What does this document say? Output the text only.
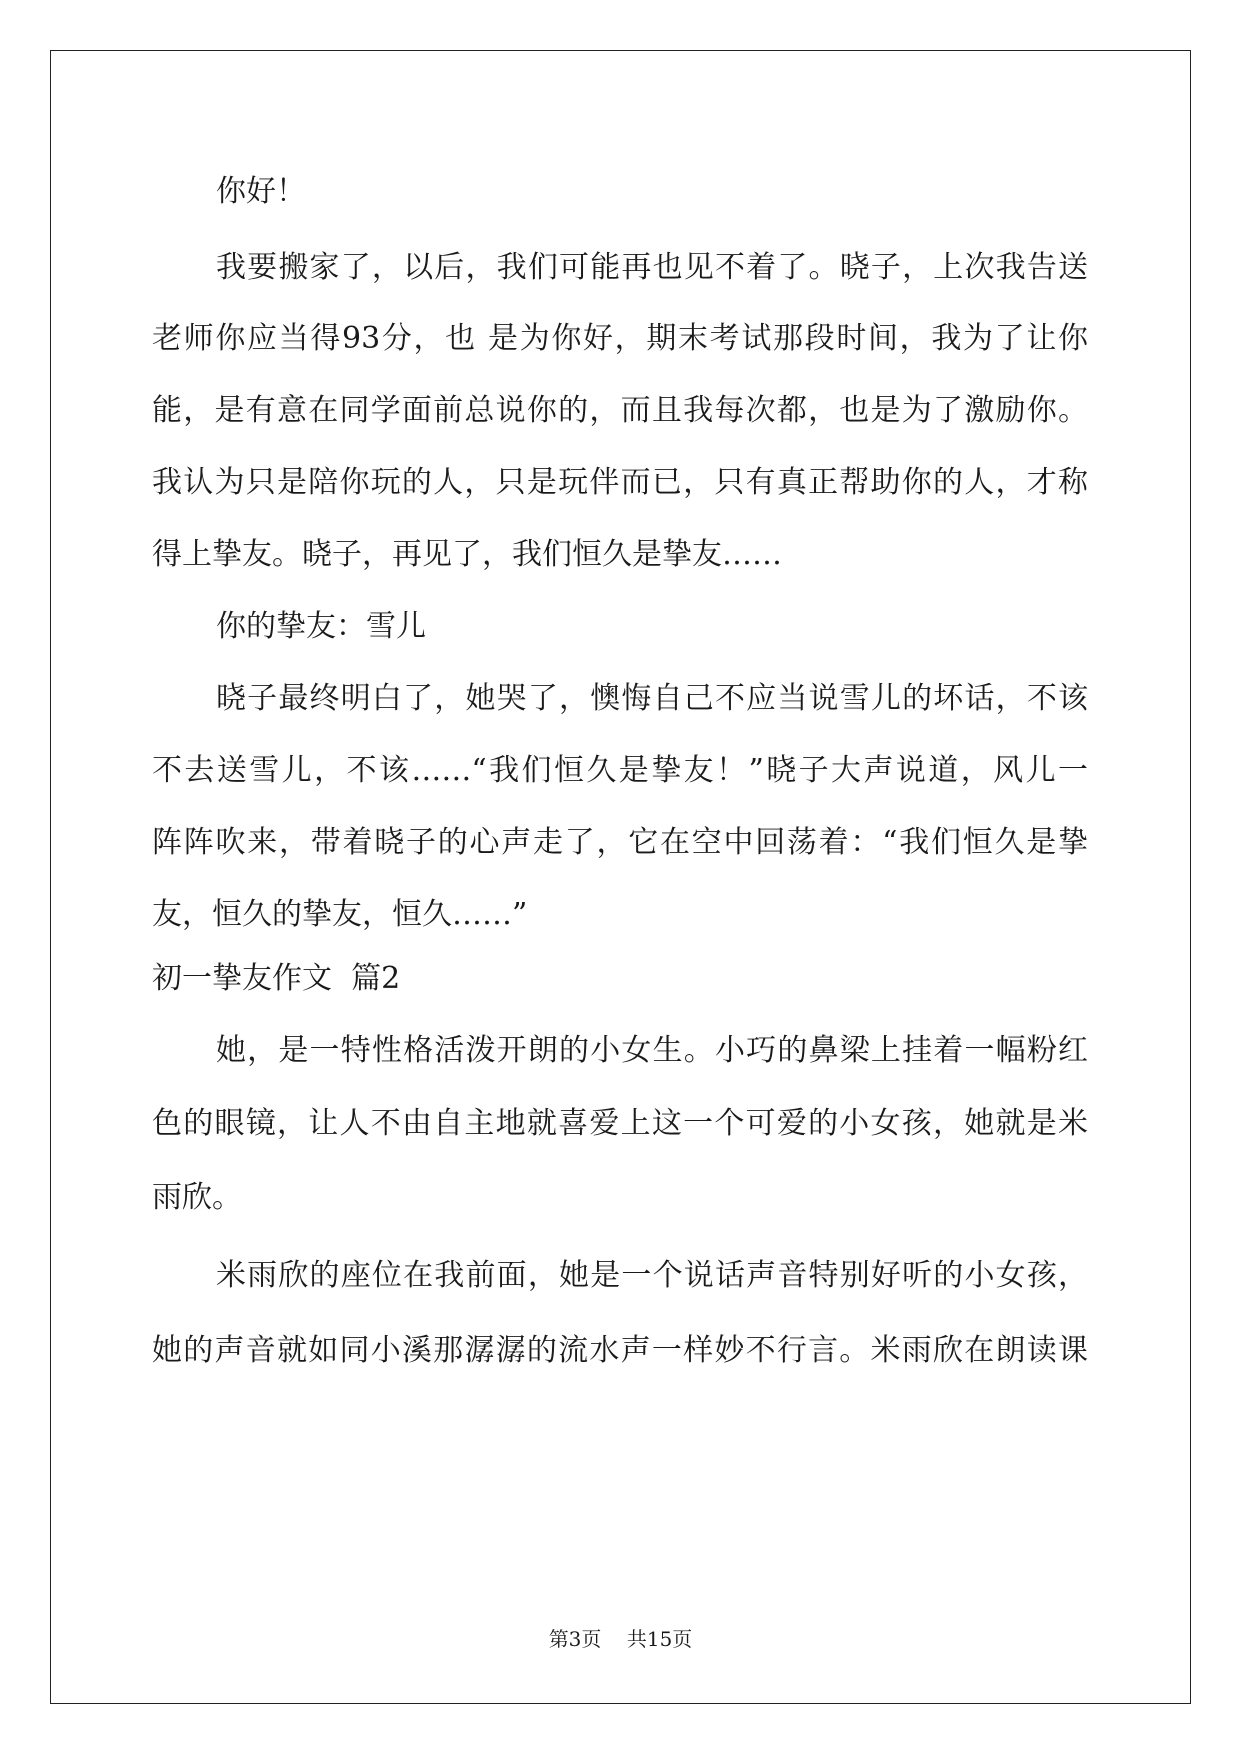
你好！
我要搬家了，以后，我们可能再也见不着了。晓子，上次我告送
老师你应当得93分，也 是为你好，期末考试那段时间，我为了让你
能，是有意在同学面前总说你的，而且我每次都，也是为了激励你。
我认为只是陪你玩的人，只是玩伴而已，只有真正帮助你的人，才称
得上挚友。晓子，再见了，我们恒久是挚友……
你的挚友：雪儿
晓子最终明白了，她哭了，懊悔自己不应当说雪儿的坏话，不该
不去送雪儿，不该……“我们恒久是挚友！”晓子大声说道，风儿一
阵阵吹来，带着晓子的心声走了，它在空中回荡着：“我们恒久是挚
友，恒久的挚友，恒久……”
初一挚友作文  篇2
她，是一特性格活泼开朗的小女生。小巧的鼻梁上挂着一幅粉红
色的眼镜，让人不由自主地就喜爱上这一个可爱的小女孩，她就是米
雨欣。
米雨欣的座位在我前面，她是一个说话声音特别好听的小女孩，
她的声音就如同小溪那潺潺的流水声一样妙不行言。米雨欣在朗读课
第3页    共15页
